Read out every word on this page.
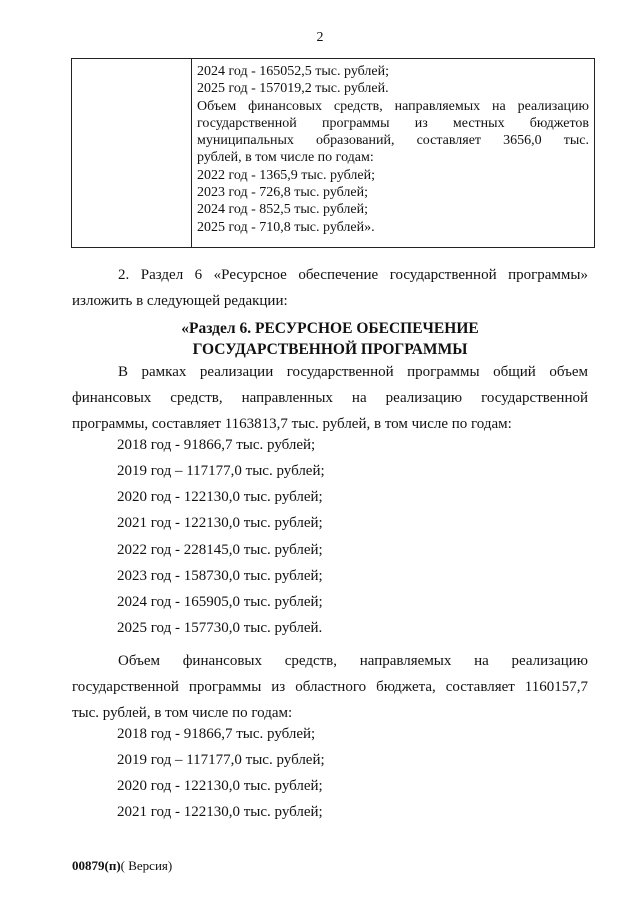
2
2024 год - 165052,5 тыс. рублей;
2025 год - 157019,2 тыс. рублей.
Объем финансовых средств, направляемых на реализацию
государственной программы из местных бюджетов
муниципальных образований, составляет 3656,0 тыс.
рублей, в том числе по годам:
2022 год - 1365,9 тыс. рублей;
2023 год - 726,8 тыс. рублей;
2024 год - 852,5 тыс. рублей;
2025 год - 710,8 тыс. рублей».
2. Раздел 6 «Ресурсное обеспечение государственной программы»
изложить в следующей редакции:
«Раздел 6. РЕСУРСНОЕ ОБЕСПЕЧЕНИЕ
ГОСУДАРСТВЕННОЙ ПРОГРАММЫ
В рамках реализации государственной программы общий объем
финансовых средств, направленных на реализацию государственной
программы, составляет 1163813,7 тыс. рублей, в том числе по годам:
2018 год - 91866,7 тыс. рублей;
2019 год – 117177,0 тыс. рублей;
2020 год - 122130,0 тыс. рублей;
2021 год - 122130,0 тыс. рублей;
2022 год - 228145,0 тыс. рублей;
2023 год - 158730,0 тыс. рублей;
2024 год - 165905,0 тыс. рублей;
2025 год - 157730,0 тыс. рублей.
Объем финансовых средств, направляемых на реализацию
государственной программы из областного бюджета, составляет 1160157,7
тыс. рублей, в том числе по годам:
2018 год - 91866,7 тыс. рублей;
2019 год – 117177,0 тыс. рублей;
2020 год - 122130,0 тыс. рублей;
2021 год - 122130,0 тыс. рублей;
00879(п)( Версия)
